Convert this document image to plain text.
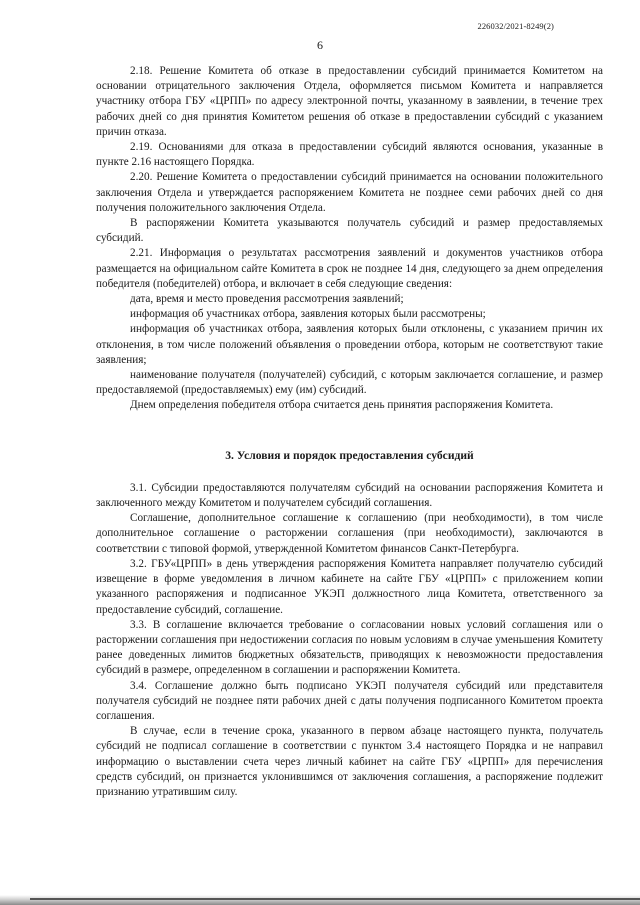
226032/2021-8249(2)
6

2.18. Решение Комитета об отказе в предоставлении субсидий принимается Комитетом на основании отрицательного заключения Отдела, оформляется письмом Комитета и направляется участнику отбора ГБУ «ЦРПП» по адресу электронной почты, указанному в заявлении, в течение трех рабочих дней со дня принятия Комитетом решения об отказе в предоставлении субсидий с указанием причин отказа.

2.19. Основаниями для отказа в предоставлении субсидий являются основания, указанные в пункте 2.16 настоящего Порядка.

2.20. Решение Комитета о предоставлении субсидий принимается на основании положительного заключения Отдела и утверждается распоряжением Комитета не позднее семи рабочих дней со дня получения положительного заключения Отдела.

В распоряжении Комитета указываются получатель субсидий и размер предоставляемых субсидий.

2.21. Информация о результатах рассмотрения заявлений и документов участников отбора размещается на официальном сайте Комитета в срок не позднее 14 дня, следующего за днем определения победителя (победителей) отбора, и включает в себя следующие сведения:

дата, время и место проведения рассмотрения заявлений;

информация об участниках отбора, заявления которых были рассмотрены;

информация об участниках отбора, заявления которых были отклонены, с указанием причин их отклонения, в том числе положений объявления о проведении отбора, которым не соответствуют такие заявления;

наименование получателя (получателей) субсидий, с которым заключается соглашение, и размер предоставляемой (предоставляемых) ему (им) субсидий.

Днем определения победителя отбора считается день принятия распоряжения Комитета.

3. Условия и порядок предоставления субсидий

3.1. Субсидии предоставляются получателям субсидий на основании распоряжения Комитета и заключенного между Комитетом и получателем субсидий соглашения.

Соглашение, дополнительное соглашение к соглашению (при необходимости), в том числе дополнительное соглашение о расторжении соглашения (при необходимости), заключаются в соответствии с типовой формой, утвержденной Комитетом финансов Санкт-Петербурга.

3.2. ГБУ«ЦРПП» в день утверждения распоряжения Комитета направляет получателю субсидий извещение в форме уведомления в личном кабинете на сайте ГБУ «ЦРПП» с приложением копии указанного распоряжения и подписанное УКЭП должностного лица Комитета, ответственного за предоставление субсидий, соглашение.

3.3. В соглашение включается требование о согласовании новых условий соглашения или о расторжении соглашения при недостижении согласия по новым условиям в случае уменьшения Комитету ранее доведенных лимитов бюджетных обязательств, приводящих к невозможности предоставления субсидий в размере, определенном в соглашении и распоряжении Комитета.

3.4. Соглашение должно быть подписано УКЭП получателя субсидий или представителя получателя субсидий не позднее пяти рабочих дней с даты получения подписанного Комитетом проекта соглашения.

В случае, если в течение срока, указанного в первом абзаце настоящего пункта, получатель субсидий не подписал соглашение в соответствии с пунктом 3.4 настоящего Порядка и не направил информацию о выставлении счета через личный кабинет на сайте ГБУ «ЦРПП» для перечисления средств субсидий, он признается уклонившимся от заключения соглашения, а распоряжение подлежит признанию утратившим силу.
